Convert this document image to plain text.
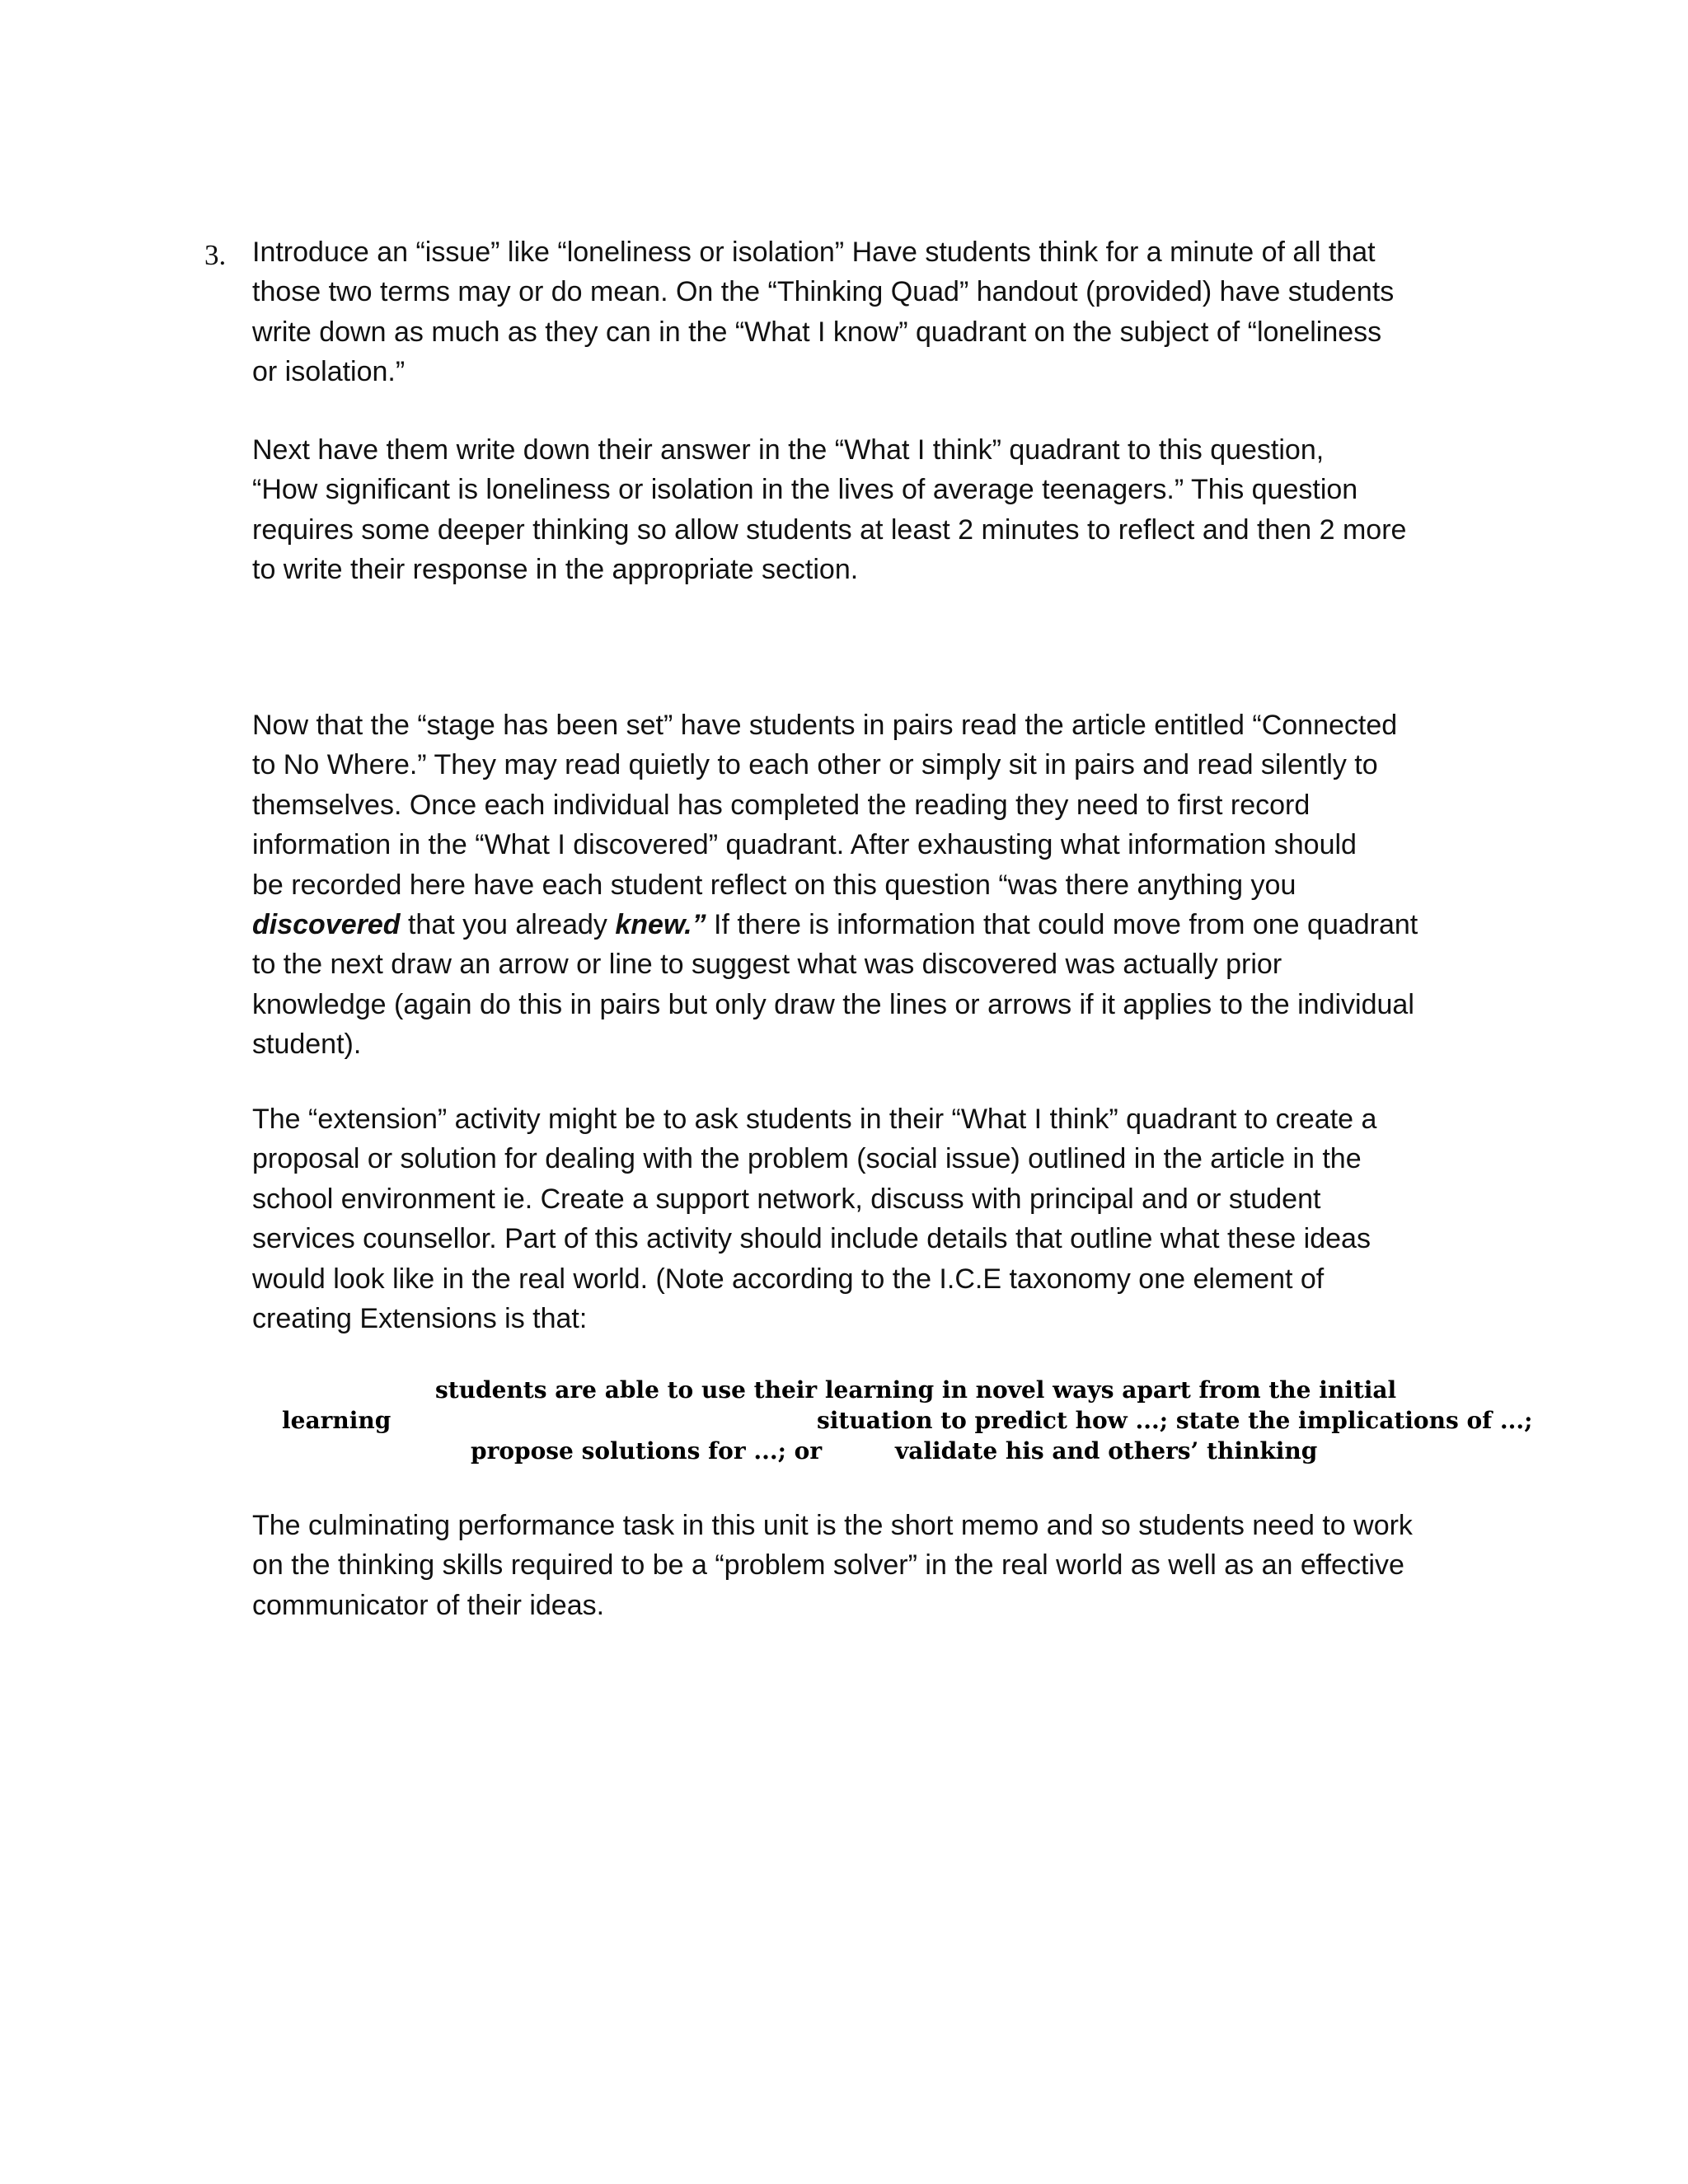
3. Introduce an “issue” like “loneliness or isolation” Have students think for a minute of all that
those two terms may or do mean. On the “Thinking Quad” handout (provided) have students
write down as much as they can in the “What I know” quadrant on the subject of “loneliness
or isolation.”
Next have them write down their answer in the “What I think” quadrant to this question,
“How significant is loneliness or isolation in the lives of average teenagers.” This question
requires some deeper thinking so allow students at least 2 minutes to reflect and then 2 more
to write their response in the appropriate section.
Now that the “stage has been set” have students in pairs read the article entitled “Connected
to No Where.” They may read quietly to each other or simply sit in pairs and read silently to
themselves. Once each individual has completed the reading they need to first record
information in the “What I discovered” quadrant. After exhausting what information should
be recorded here have each student reflect on this question “was there anything you
discovered that you already knew.” If there is information that could move from one quadrant
to the next draw an arrow or line to suggest what was discovered was actually prior
knowledge (again do this in pairs but only draw the lines or arrows if it applies to the individual
student).
The “extension” activity might be to ask students in their “What I think” quadrant to create a
proposal or solution for dealing with the problem (social issue) outlined in the article in the
school environment ie. Create a support network, discuss with principal and or student
services counsellor. Part of this activity should include details that outline what these ideas
would look like in the real world. (Note according to the I.C.E taxonomy one element of
creating Extensions is that:
students are able to use their learning in novel ways apart from the initial
learning	situation to predict how ...; state the implications of ...;
propose solutions for ...; or	validate his and others’ thinking
The culminating performance task in this unit is the short memo and so students need to work
on the thinking skills required to be a “problem solver” in the real world as well as an effective
communicator of their ideas.
